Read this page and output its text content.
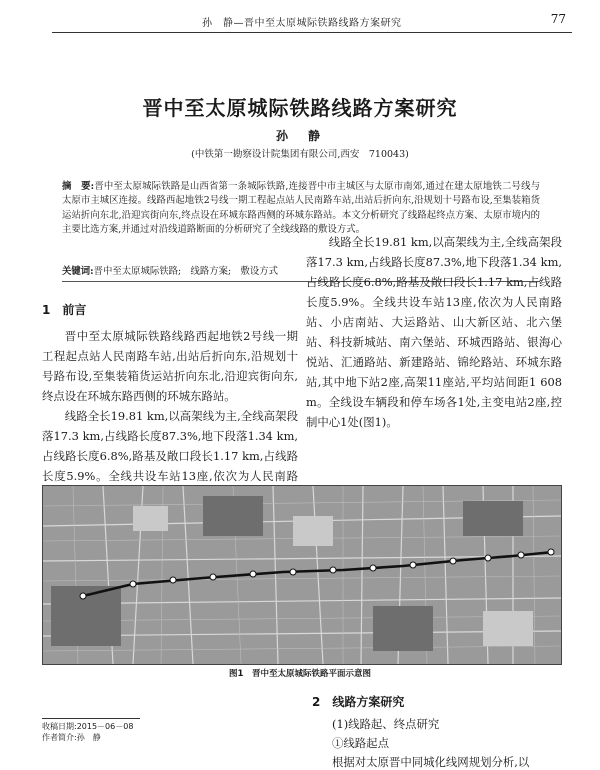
孙　静—晋中至太原城际铁路线路方案研究	77
晋中至太原城际铁路线路方案研究
孙　静
(中铁第一勘察设计院集团有限公司,西安　710043)
摘　要:晋中至太原城际铁路是山西省第一条城际铁路,连接晋中市主城区与太原市南郊,通过在建太原地铁二号线与太原市主城区连接。线路西起地铁2号线一期工程起点站人民南路车站,出站后折向东,沿规划十号路布设,至集装箱货运站折向东北,沿迎宾街向东,终点设在环城东路西侧的环城东路站。本文分析研究了线路起终点方案、太原市境内的主要比选方案,并通过对沿线道路断面的分析研究了全线线路的敷设方式。
关键词:晋中至太原城际铁路;　线路方案;　敷设方式

1　前言

晋中至太原城际铁路线路西起地铁2号线一期工程起点站人民南路车站,出站后折向东,沿规划十号路布设,至集装箱货运站折向东北,沿迎宾街向东,终点设在环城东路西侧的环城东路站。

线路全长19.81 km,以高架线为主,全线高架段落17.3 km,占线路长度87.3%,地下段落1.34 km,占线路长度6.8%,路基及敞口段长1.17 km,占线路长度5.9%。全线共设车站13座,依次为人民南路

线路全长19.81 km,以高架线为主,全线高架段落17.3 km,占线路长度87.3%,地下段落1.34 km,占线路长度6.8%,路基及敞口段长1.17 km,占线路长度5.9%。全线共设车站13座,依次为人民南路站、小店南站、大运路站、山大新区站、北六堡站、科技新城站、南六堡站、环城西路站、银海心悦站、汇通路站、新建路站、锦纶路站、环城东路站,其中地下站2座,高架11座站,平均站间距1 608 m。全线设车辆段和停车场各1处,主变电站2座,控制中心1处(图1)。

图1　晋中至太原城际铁路平面示意图
收稿日期:2015－06－08
作者简介:孙　静
2　线路方案研究
(1)线路起、终点研究
①线路起点
根据对太原晋中同城化线网规划分析,以
